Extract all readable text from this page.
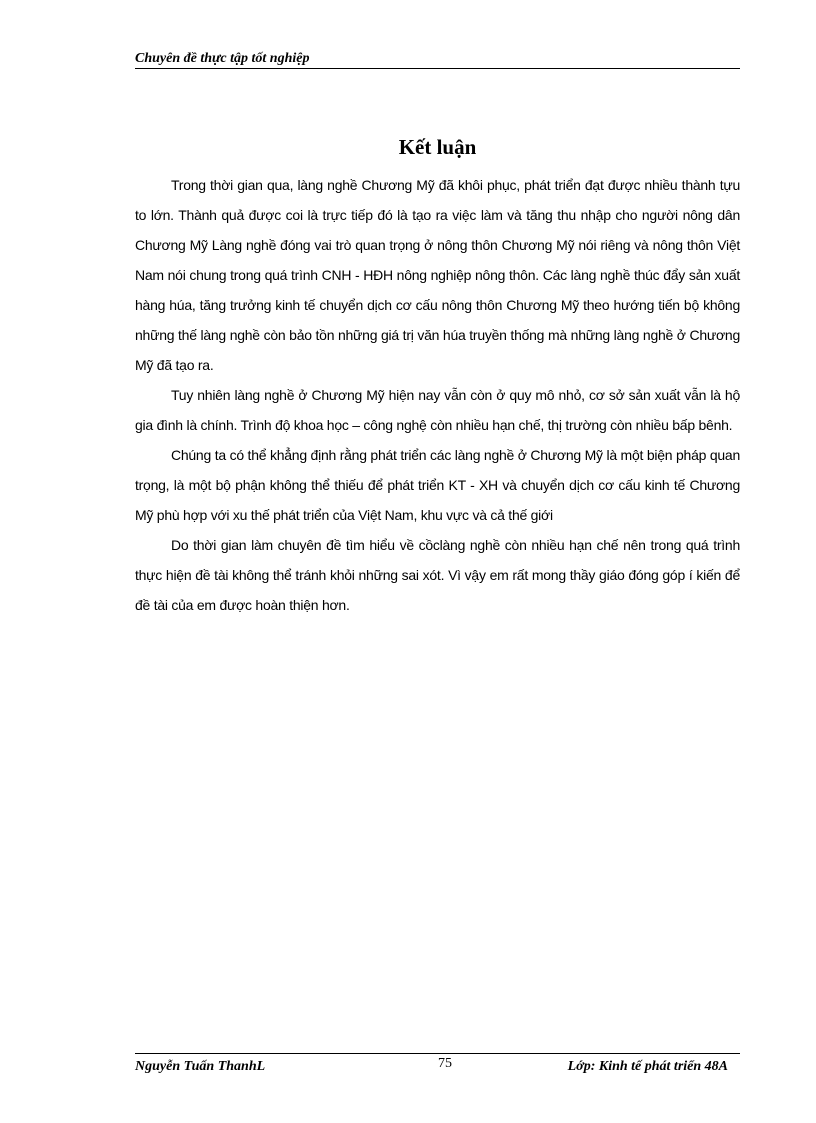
Chuyên đề thực tập tốt nghiệp
Kết luận

Trong thời gian qua, làng nghề Chương Mỹ đã khôi phục, phát triển đạt được nhiều thành tựu to lớn. Thành quả được coi là trực tiếp đó là tạo ra việc làm và tăng thu nhập cho người nông dân Chương Mỹ Làng nghề đóng vai trò quan trọng ở nông thôn Chương Mỹ nói riêng và nông thôn Việt Nam nói chung trong quá trình CNH - HĐH nông nghiệp nông thôn. Các làng nghề thúc đẩy sản xuất hàng húa, tăng trưởng kinh tế chuyển dịch cơ cấu nông thôn Chương Mỹ theo hướng tiến bộ không những thế làng nghề còn bảo tồn những giá trị văn húa truyền thống mà những làng nghề ở Chương Mỹ đã tạo ra.

Tuy nhiên làng nghề ở Chương Mỹ hiện nay vẫn còn ở quy mô nhỏ, cơ sở sản xuất vẫn là hộ gia đình là chính. Trình độ khoa học – công nghệ còn nhiều hạn chế, thị trường còn nhiều bấp bênh.

Chúng ta có thể khẳng định rằng phát triển các làng nghề ở Chương Mỹ là một biện pháp quan trọng, là một bộ phận không thể thiếu để phát triển KT - XH và chuyển dịch cơ cấu kinh tế Chương Mỹ phù hợp với xu thế phát triển của Việt Nam, khu vực và cả thế giới

Do thời gian làm chuyên đề tìm hiểu về cồclàng nghề còn nhiều hạn chế nên trong quá trình thực hiện đề tài không thể tránh khỏi những sai xót. Vì vậy em rất mong thầy giáo đóng góp í kiến để đề tài của em được hoàn thiện hơn.

Nguyễn Tuấn ThanhL	75	Lớp: Kinh tế phát triển 48A
